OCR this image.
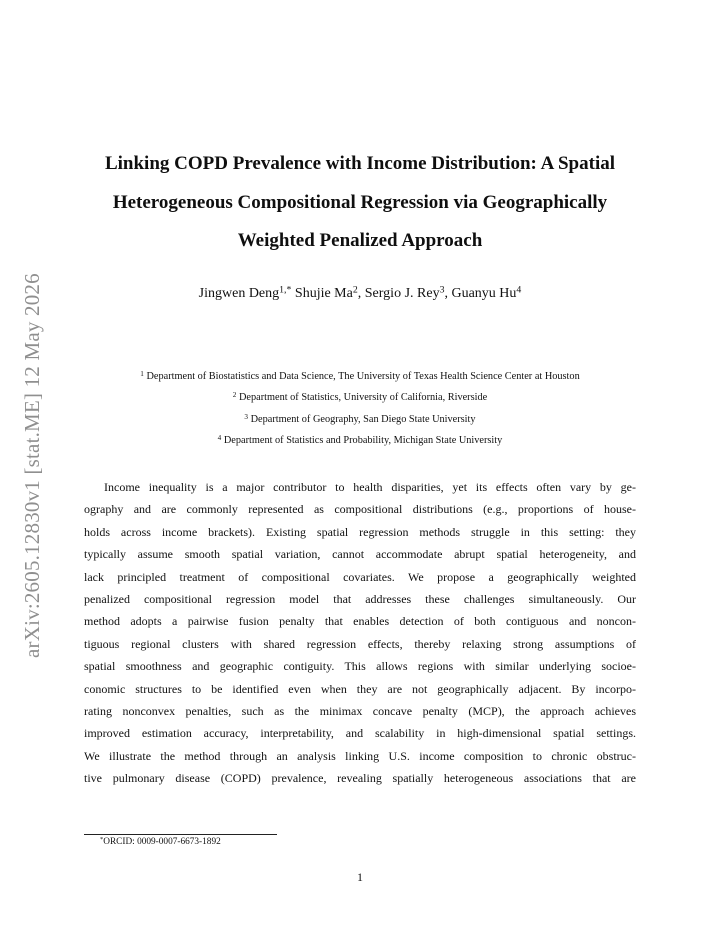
arXiv:2605.12830v1 [stat.ME] 12 May 2026
Linking COPD Prevalence with Income Distribution: A Spatial
Heterogeneous Compositional Regression via Geographically
Weighted Penalized Approach
Jingwen Deng$^{1,*}$ Shujie Ma$^2$, Sergio J. Rey$^3$, Guanyu Hu$^4$
$^1$ Department of Biostatistics and Data Science, The University of Texas Health Science Center at Houston
$^2$ Department of Statistics, University of California, Riverside
$^3$ Department of Geography, San Diego State University
$^4$ Department of Statistics and Probability, Michigan State University
Income inequality is a major contributor to health disparities, yet its effects often vary by ge-
ography and are commonly represented as compositional distributions (e.g., proportions of house-
holds across income brackets). Existing spatial regression methods struggle in this setting: they
typically assume smooth spatial variation, cannot accommodate abrupt spatial heterogeneity, and
lack principled treatment of compositional covariates. We propose a geographically weighted
penalized compositional regression model that addresses these challenges simultaneously. Our
method adopts a pairwise fusion penalty that enables detection of both contiguous and noncon-
tiguous regional clusters with shared regression effects, thereby relaxing strong assumptions of
spatial smoothness and geographic contiguity. This allows regions with similar underlying socioe-
conomic structures to be identified even when they are not geographically adjacent. By incorpo-
rating nonconvex penalties, such as the minimax concave penalty (MCP), the approach achieves
improved estimation accuracy, interpretability, and scalability in high-dimensional spatial settings.
We illustrate the method through an analysis linking U.S. income composition to chronic obstruc-
tive pulmonary disease (COPD) prevalence, revealing spatially heterogeneous associations that are
*ORCID: 0009-0007-6673-1892
1
